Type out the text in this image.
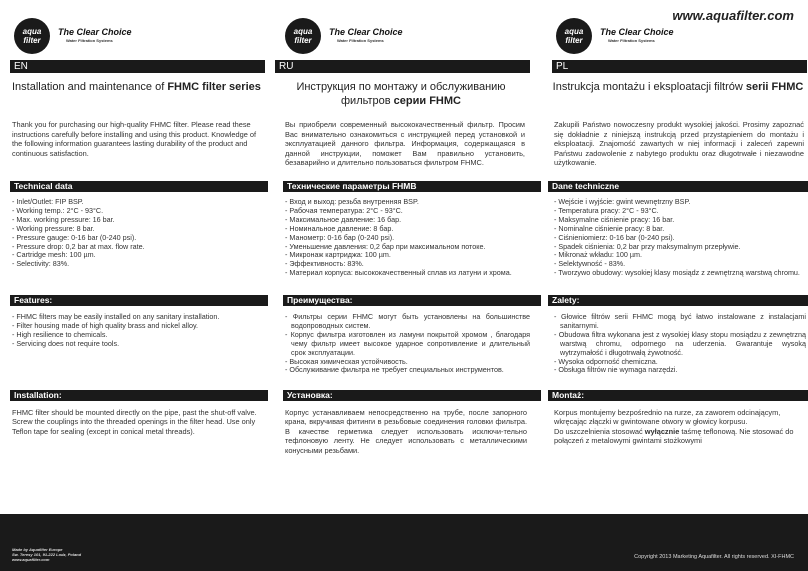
www.aquafilter.com
aqua filter
The Clear Choice
Water Filtration Systems
EN
Installation and maintenance of FHMC filter series
Thank you for purchasing our high-quality FHMC filter. Please read these instructions carefully before installing and using this product. Knowledge of the following information guarantees lasting durability of the product and continuous satisfaction.
aqua filter
The Clear Choice
Water Filtration Systems
RU
Инструкция по монтажу и обслуживанию фильтров серии FHMC
Вы приобрели современный высококачественный фильтр. Просим Вас внимательно ознакомиться с инструкцией перед установкой и эксплуатацией данного фильтра. Информация, содержащаяся в данной инструкции, поможет Вам правильно установить, безаварийно и длительно пользоваться фильтром FHMC.
aqua filter
The Clear Choice
Water Filtration Systems
PL
Instrukcja montażu i eksploatacji filtrów serii FHMC
Zakupili Państwo nowoczesny produkt wysokiej jakości. Prosimy zapoznać się dokładnie z niniejszą instrukcją przed przystąpieniem do montażu i eksploatacji. Znajomość zawartych w niej informacji i zaleceń zapewni Państwu zadowolenie z nabytego produktu oraz długotrwałe i niezawodne użytkowanie.
Technical data
- Inlet/Outlet: FIP BSP.
- Working temp.: 2°C - 93°C.
- Max. working pressure: 16 bar.
- Working pressure: 8 bar.
- Pressure gauge: 0-16 bar (0-240 psi).
- Pressure drop: 0,2 bar at max. flow rate.
- Cartridge mesh: 100 µm.
- Selectivity: 83%.
Features:
- FHMC filters may be easily installed on any sanitary installation.
- Filter housing made of high quality brass and nickel alloy.
- High resilience to chemicals.
- Servicing does not require tools.
Installation:
FHMC filter should be mounted directly on the pipe, past the shut-off valve. Screw the couplings into the threaded openings in the filter head. Use only Teflon tape for sealing (except in conical metal threads).
Технические параметры FHMB
- Вход и выход: резьба внутренняя BSP.
- Рабочая температура: 2°C - 93°C.
- Максимальное давление: 16 бар.
- Номинальное давление: 8 бар.
- Манометр: 0-16 бар (0-240 psi).
- Уменьшение давления: 0,2 бар при максимальном потоке.
- Микронаж картриджа: 100 µm.
- Эффективность: 83%.
- Материал корпуса: высококачественный сплав из латуни и хрома.
Преимущества:
- Фильтры серии FHMC могут быть установлены на большинстве водопроводных систем.
- Корпус фильтра изготовлен из ламуни покрытой хромом , благодаря чему фильтр имеет высокое ударное сопротивление и длительный срок эксплуатации.
- Высокая химическая устойчивость.
- Обслуживание фильтра не требует специальных инструментов.
Установка:
Корпус устанавливаем непосредственно на трубе, после запорного крана, вкручивая фитинги в резьбовые соединения головки фильтра. В качестве герметика следует использовать исключи-тельно тефлоновую ленту. Не следует использовать с металлическими конусными резьбами.
Dane techniczne
- Wejście i wyjście: gwint wewnętrzny BSP.
- Temperatura pracy: 2°C - 93°C.
- Maksymalne ciśnienie pracy: 16 bar.
- Nominalne ciśnienie pracy: 8 bar.
- Ciśnieniomierz: 0-16 bar (0-240 psi).
- Spadek ciśnienia: 0,2 bar przy maksymalnym przepływie.
- Mikronaż wkładu: 100 µm.
- Selektywność - 83%.
- Tworzywo obudowy: wysokiej klasy mosiądz z zewnętrzną warstwą chromu.
Zalety:
- Głowice filtrów serii FHMC mogą być łatwo instalowane z instalacjami sanitarnymi.
- Obudowa filtra wykonana jest z wysokiej klasy stopu mosiądzu z zewnętrzną warstwą chromu, odpornego na uderzenia. Gwarantuje wysoką wytrzymałość i długotrwałą żywotność.
- Wysoka odporność chemiczna.
- Obsługa filtrów nie wymaga narzędzi.
Montaż:
Korpus montujemy bezpośrednio na rurze, za zaworem odcinającym, wkręcając złączki w gwintowane otwory w głowicy korpusu.
Do uszczelnienia stosować wyłącznie taśmę teflonową. Nie stosować do połączeń z metalowymi gwintami stożkowymi
Made by Aquafilter Europe
Sw. Teresy 101, 91-222 Lodz, Poland
www.aquafilter.com	Copyright 2013 Marketing Aquafilter. All rights reserved. XI-FHMC
